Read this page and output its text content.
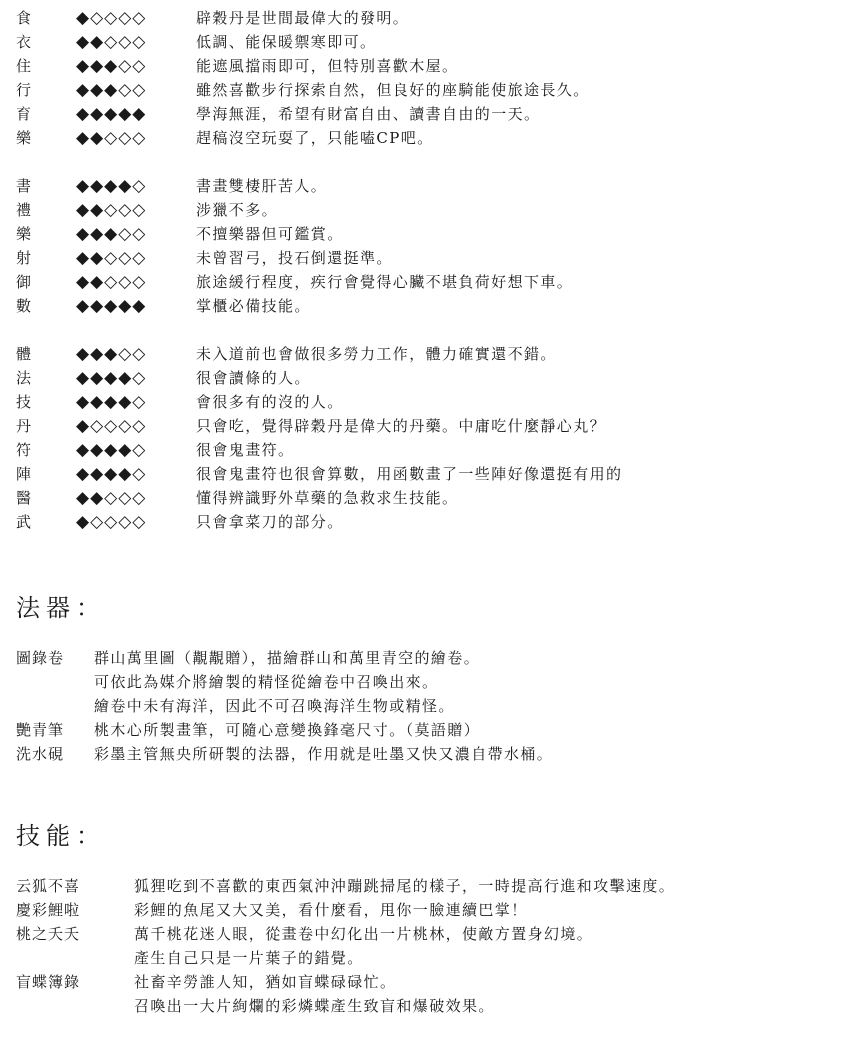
食	◆◇◇◇◇	辟穀丹是世間最偉大的發明。
衣	◆◆◇◇◇	低調、能保暖禦寒即可。
住	◆◆◆◇◇	能遮風擋雨即可，但特別喜歡木屋。
行	◆◆◆◇◇	雖然喜歡步行探索自然，但良好的座騎能使旅途長久。
育	◆◆◆◆◆	學海無涯，希望有財富自由、讀書自由的一天。
樂	◆◆◇◇◇	趕稿沒空玩耍了，只能嗑CP吧。
書	◆◆◆◆◇	書畫雙棲肝苦人。
禮	◆◆◇◇◇	涉獵不多。
樂	◆◆◆◇◇	不擅樂器但可鑑賞。
射	◆◆◇◇◇	未曾習弓，投石倒還挺準。
御	◆◆◇◇◇	旅途緩行程度，疾行會覺得心臟不堪負荷好想下車。
數	◆◆◆◆◆	掌櫃必備技能。
體	◆◆◆◇◇	未入道前也會做很多勞力工作，體力確實還不錯。
法	◆◆◆◆◇	很會讀條的人。
技	◆◆◆◆◇	會很多有的沒的人。
丹	◆◇◇◇◇	只會吃，覺得辟穀丹是偉大的丹藥。中庸吃什麼靜心丸？
符	◆◆◆◆◇	很會鬼畫符。
陣	◆◆◆◆◇	很會鬼畫符也很會算數，用函數畫了一些陣好像還挺有用的
醫	◆◆◇◇◇	懂得辨識野外草藥的急救求生技能。
武	◆◇◇◇◇	只會拿菜刀的部分。
法器：
圖錄卷 群山萬里圖（覯覯贈），描繪群山和萬里青空的繪卷。
可依此為媒介將繪製的精怪從繪卷中召喚出來。
繪卷中未有海洋，因此不可召喚海洋生物或精怪。
艷青筆 桃木心所製畫筆，可隨心意變換鋒毫尺寸。（莫語贈）
洗水硯 彩墨主管無央所研製的法器，作用就是吐墨又快又濃自帶水桶。
技能：
云狐不喜	狐狸吃到不喜歡的東西氣沖沖蹦跳掃尾的樣子，一時提高行進和攻擊速度。
慶彩鯉啦	彩鯉的魚尾又大又美，看什麼看，甩你一臉連續巴掌！
桃之夭夭	萬千桃花迷人眼，從畫卷中幻化出一片桃林，使敵方置身幻境。
產生自己只是一片葉子的錯覺。
盲蝶簿錄	社畜辛勞誰人知，猶如盲蝶碌碌忙。
召喚出一大片絢爛的彩燐蝶產生致盲和爆破效果。
